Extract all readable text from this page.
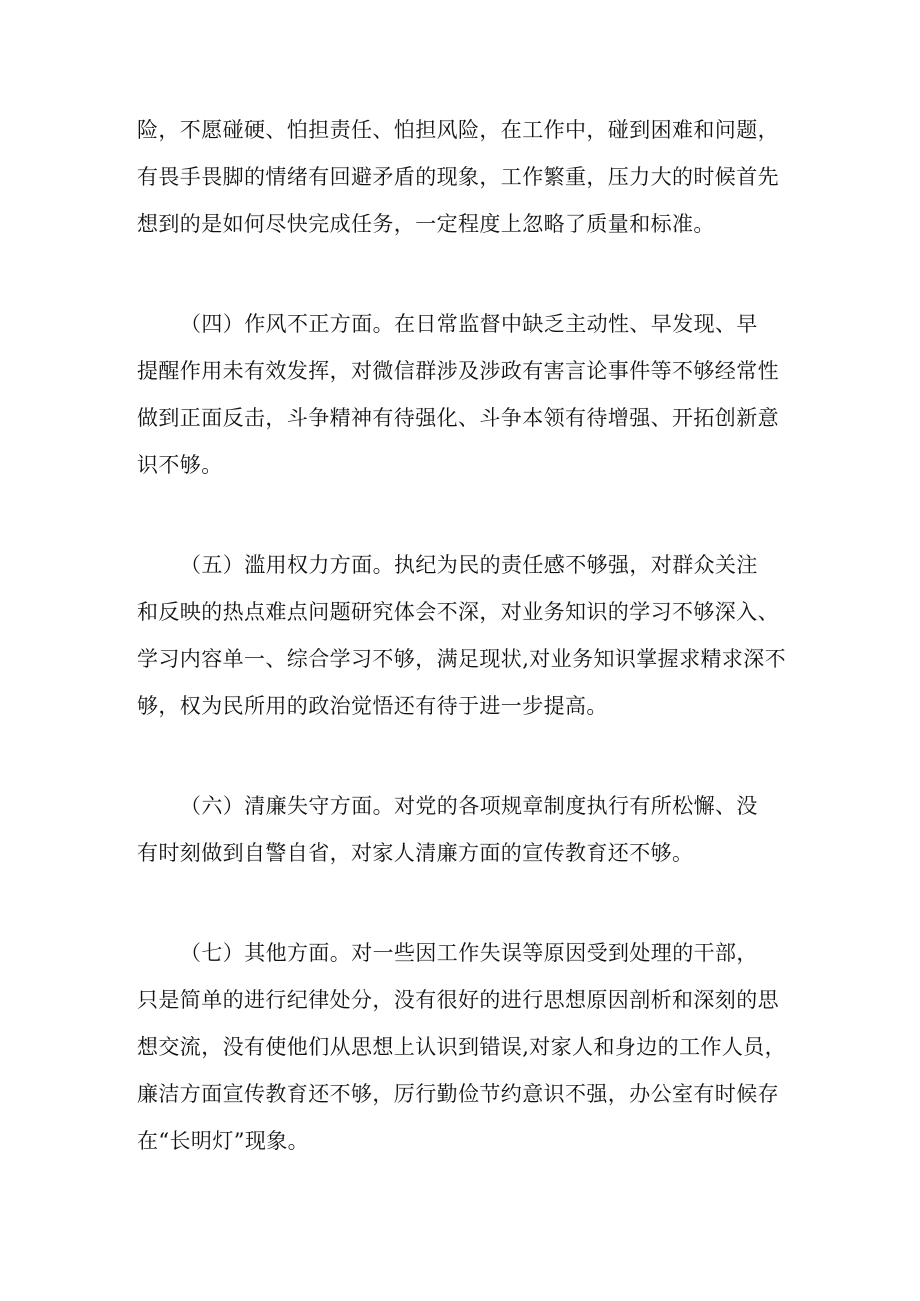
险，不愿碰硬、怕担责任、怕担风险，在工作中，碰到困难和问题，
有畏手畏脚的情绪有回避矛盾的现象，工作繁重，压力大的时候首先
想到的是如何尽快完成任务，一定程度上忽略了质量和标准。
（四）作风不正方面。在日常监督中缺乏主动性、早发现、早
提醒作用未有效发挥，对微信群涉及涉政有害言论事件等不够经常性
做到正面反击，斗争精神有待强化、斗争本领有待增强、开拓创新意
识不够。
（五）滥用权力方面。执纪为民的责任感不够强，对群众关注
和反映的热点难点问题研究体会不深，对业务知识的学习不够深入、
学习内容单一、综合学习不够，满足现状,对业务知识掌握求精求深不
够，权为民所用的政治觉悟还有待于进一步提高。
（六）清廉失守方面。对党的各项规章制度执行有所松懈、没
有时刻做到自警自省，对家人清廉方面的宣传教育还不够。
（七）其他方面。对一些因工作失误等原因受到处理的干部，
只是简单的进行纪律处分，没有很好的进行思想原因剖析和深刻的思
想交流，没有使他们从思想上认识到错误,对家人和身边的工作人员，
廉洁方面宣传教育还不够，厉行勤俭节约意识不强，办公室有时候存
在“长明灯”现象。
